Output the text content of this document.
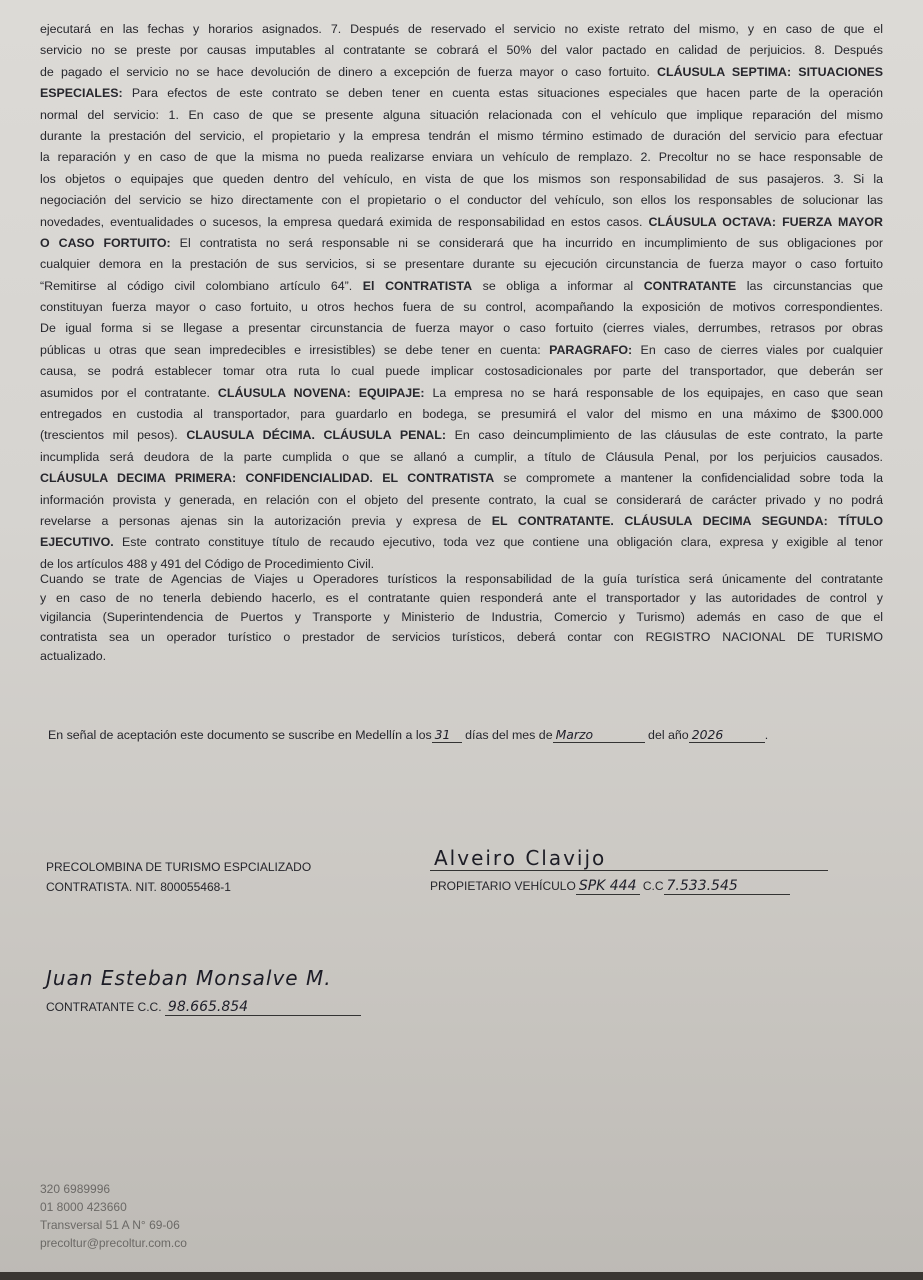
ejecutará en las fechas y horarios asignados. 7. Después de reservado el servicio no existe retrato del mismo, y en caso de que el
servicio no se preste por causas imputables al contratante se cobrará el 50% del valor pactado en calidad de perjuicios. 8. Después
de pagado el servicio no se hace devolución de dinero a excepción de fuerza mayor o caso fortuito. CLÁUSULA SEPTIMA: SITUACIONES
ESPECIALES: Para efectos de este contrato se deben tener en cuenta estas situaciones especiales que hacen parte de la operación
normal del servicio: 1. En caso de que se presente alguna situación relacionada con el vehículo que implique reparación del mismo
durante la prestación del servicio, el propietario y la empresa tendrán el mismo término estimado de duración del servicio para efectuar
la reparación y en caso de que la misma no pueda realizarse enviara un vehículo de remplazo. 2. Precoltur no se hace responsable de
los objetos o equipajes que queden dentro del vehículo, en vista de que los mismos son responsabilidad de sus pasajeros. 3. Si la
negociación del servicio se hizo directamente con el propietario o el conductor del vehículo, son ellos los responsables de solucionar las
novedades, eventualidades o sucesos, la empresa quedará eximida de responsabilidad en estos casos. CLÁUSULA OCTAVA: FUERZA MAYOR
O CASO FORTUITO: El contratista no será responsable ni se considerará que ha incurrido en incumplimiento de sus obligaciones por
cualquier demora en la prestación de sus servicios, si se presentare durante su ejecución circunstancia de fuerza mayor o caso fortuito
“Remitirse al código civil colombiano artículo 64”. El CONTRATISTA se obliga a informar al CONTRATANTE las circunstancias que
constituyan fuerza mayor o caso fortuito, u otros hechos fuera de su control, acompañando la exposición de motivos correspondientes.
De igual forma si se llegase a presentar circunstancia de fuerza mayor o caso fortuito (cierres viales, derrumbes, retrasos por obras
públicas u otras que sean impredecibles e irresistibles) se debe tener en cuenta: PARAGRAFO: En caso de cierres viales por cualquier
causa, se podrá establecer tomar otra ruta lo cual puede implicar costosadicionales por parte del transportador, que deberán ser
asumidos por el contratante. CLÁUSULA NOVENA: EQUIPAJE: La empresa no se hará responsable de los equipajes, en caso que sean
entregados en custodia al transportador, para guardarlo en bodega, se presumirá el valor del mismo en una máximo de $300.000
(trescientos mil pesos). CLAUSULA DÉCIMA. CLÁUSULA PENAL: En caso deincumplimiento de las cláusulas de este contrato, la parte
incumplida será deudora de la parte cumplida o que se allanó a cumplir, a título de Cláusula Penal, por los perjuicios causados.
CLÁUSULA DECIMA PRIMERA: CONFIDENCIALIDAD. EL CONTRATISTA se compromete a mantener la confidencialidad sobre toda la
información provista y generada, en relación con el objeto del presente contrato, la cual se considerará de carácter privado y no podrá
revelarse a personas ajenas sin la autorización previa y expresa de EL CONTRATANTE. CLÁUSULA DECIMA SEGUNDA: TÍTULO
EJECUTIVO. Este contrato constituye título de recaudo ejecutivo, toda vez que contiene una obligación clara, expresa y exigible al tenor
de los artículos 488 y 491 del Código de Procedimiento Civil.
Cuando se trate de Agencias de Viajes u Operadores turísticos la responsabilidad de la guía turística será únicamente del contratante
y en caso de no tenerla debiendo hacerlo, es el contratante quien responderá ante el transportador y las autoridades de control y
vigilancia (Superintendencia de Puertos y Transporte y Ministerio de Industria, Comercio y Turismo) además en caso de que el
contratista sea un operador turístico o prestador de servicios turísticos, deberá contar con REGISTRO NACIONAL DE TURISMO
actualizado.
En señal de aceptación este documento se suscribe en Medellín a los 31 días del mes de Marzo	del año 2026	.
PRECOLOMBINA DE TURISMO ESPCIALIZADO
CONTRATISTA. NIT. 800055468-1
Alveiro Clavijo
PROPIETARIO VEHÍCULO SPK 444 C.C 7.533.545
Juan Esteban Monsalve M.
CONTRATANTE C.C. 98.665.854
320 6989996
01 8000 423660
Transversal 51 A N° 69-06
precoltur@precoltur.com.co
